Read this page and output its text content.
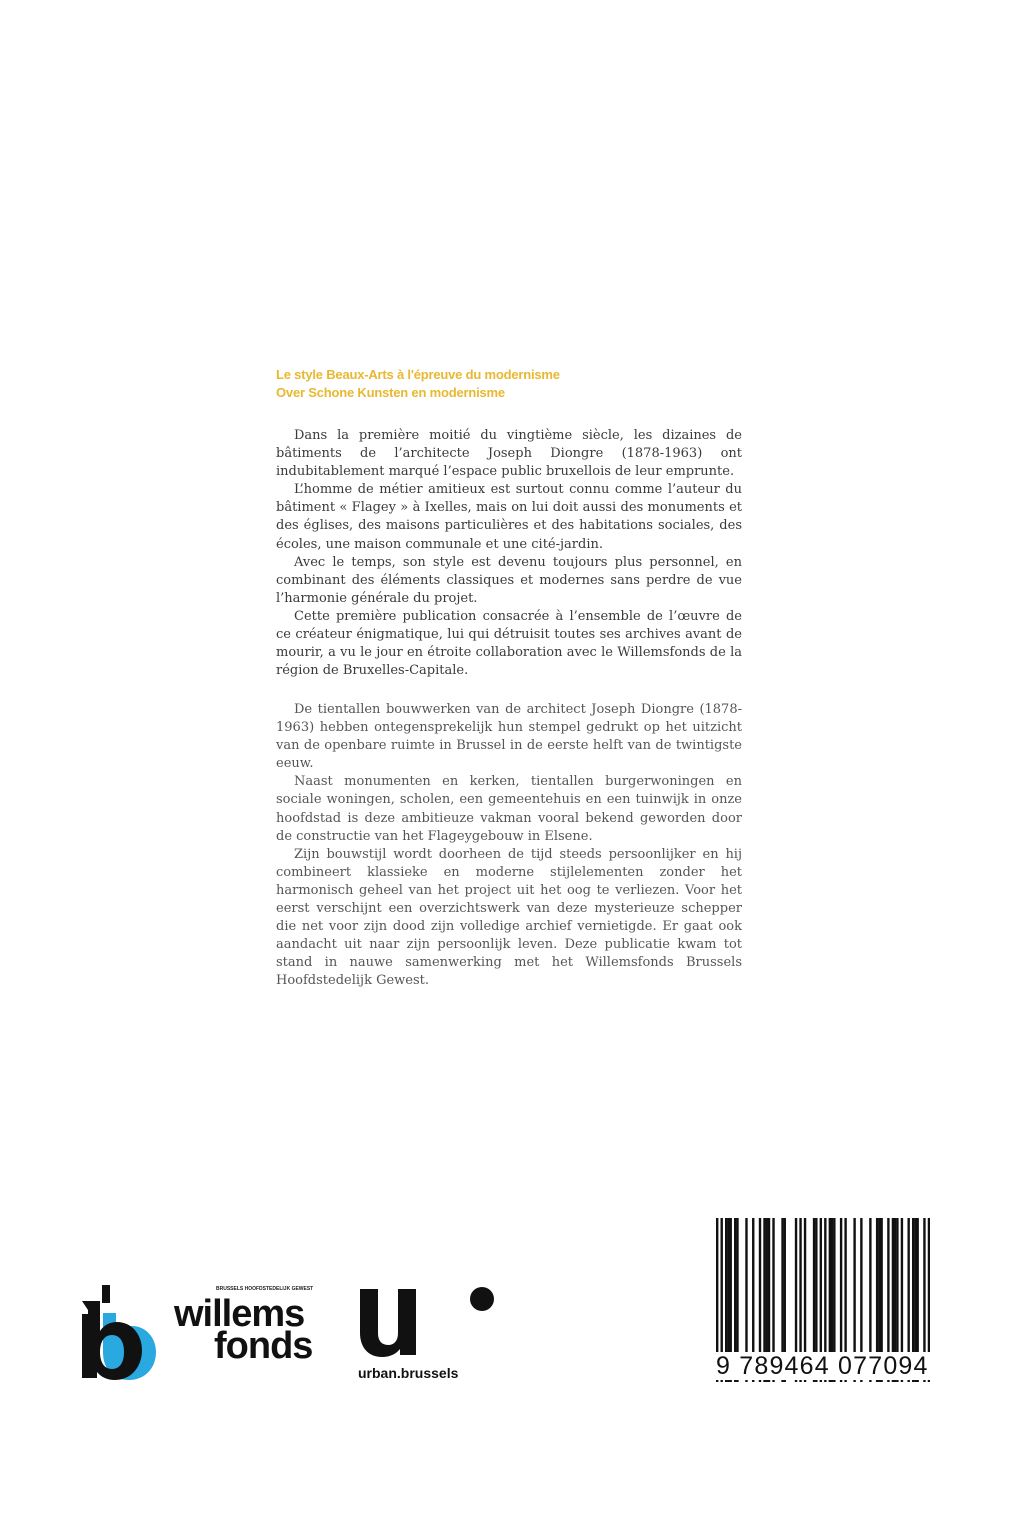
Le style Beaux-Arts à l'épreuve du modernisme
Over Schone Kunsten en modernisme

Dans la première moitié du vingtième siècle, les dizaines de bâtiments de l’architecte Joseph Diongre (1878-1963) ont indubitablement marqué l’espace public bruxellois de leur emprunte.

L’homme de métier amitieux est surtout connu comme l’auteur du bâtiment « Flagey » à Ixelles, mais on lui doit aussi des monuments et des églises, des maisons particulières et des habitations sociales, des écoles, une maison communale et une cité-jardin.

Avec le temps, son style est devenu toujours plus personnel, en combinant des éléments classiques et modernes sans perdre de vue l’harmonie générale du projet.

Cette première publication consacrée à l’ensemble de l’œuvre de ce créateur énigmatique, lui qui détruisit toutes ses archives avant de mourir, a vu le jour en étroite collaboration avec le Willemsfonds de la région de Bruxelles-Capitale.

De tientallen bouwwerken van de architect Joseph Diongre (1878-1963) hebben ontegensprekelijk hun stempel gedrukt op het uitzicht van de openbare ruimte in Brussel in de eerste helft van de twintigste eeuw.

Naast monumenten en kerken, tientallen burgerwoningen en sociale woningen, scholen, een gemeentehuis en een tuinwijk in onze hoofdstad is deze ambitieuze vakman vooral bekend geworden door de constructie van het Flageygebouw in Elsene.

Zijn bouwstijl wordt doorheen de tijd steeds persoonlijker en hij combineert klassieke en moderne stijlelementen zonder het harmonisch geheel van het project uit het oog te verliezen. Voor het eerst verschijnt een overzichtswerk van deze mysterieuze schepper die net voor zijn dood zijn volledige archief vernietigde. Er gaat ook aandacht uit naar zijn persoonlijk leven. Deze publicatie kwam tot stand in nauwe samenwerking met het Willemsfonds Brussels Hoofdstedelijk Gewest.

BRUSSELS HOOFDSTEDELIJK GEWEST
willems
fonds
urban.brussels	9 789464 077094
